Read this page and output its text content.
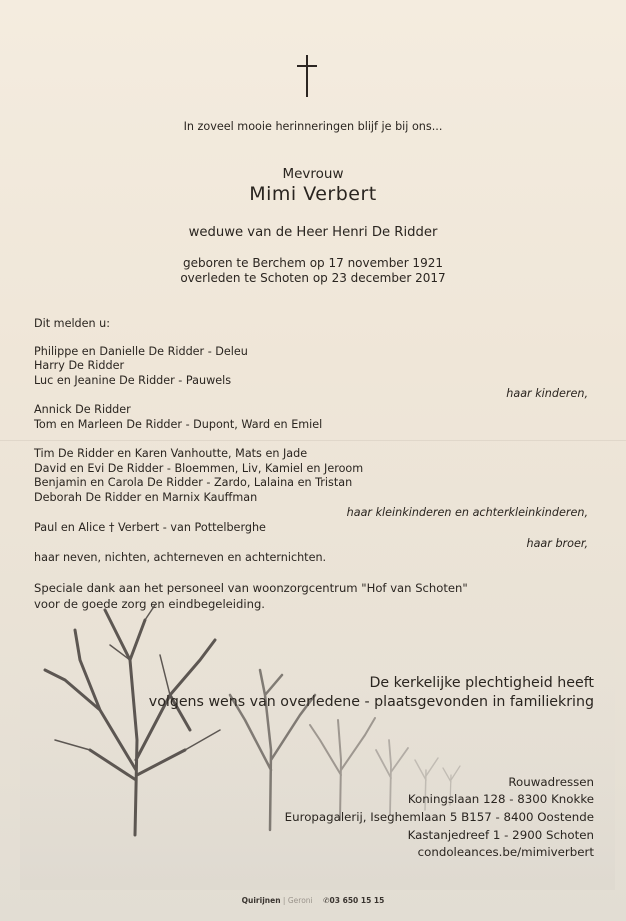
In zoveel mooie herinneringen blijf je bij ons...
Mevrouw
Mimi Verbert
weduwe van de Heer Henri De Ridder
geboren te Berchem op 17 november 1921
overleden te Schoten op 23 december 2017
Dit melden u:
Philippe en Danielle De Ridder - Deleu
Harry De Ridder
Luc en Jeanine De Ridder - Pauwels
haar kinderen,
Annick De Ridder
Tom en Marleen De Ridder - Dupont, Ward en Emiel
Tim De Ridder en Karen Vanhoutte, Mats en Jade
David en Evi De Ridder - Bloemmen, Liv, Kamiel en Jeroom
Benjamin en Carola De Ridder - Zardo, Lalaina en Tristan
Deborah De Ridder en Marnix Kauffman
haar kleinkinderen en achterkleinkinderen,
Paul en Alice † Verbert - van Pottelberghe
haar broer,
haar neven, nichten, achterneven en achternichten.
Speciale dank aan het personeel van woonzorgcentrum "Hof van Schoten"
De kerkelijke plechtigheid heeft
volgens wens van overledene - plaatsgevonden in familiekring
Rouwadressen
Koningslaan 128 - 8300 Knokke
Europagalerij, Iseghemlaan 5 B157 - 8400 Oostende
Kastanjedreef 1 - 2900 Schoten
condoleances.be/mimiverbert
Quirijnen | Geroni ✆03 650 15 15
